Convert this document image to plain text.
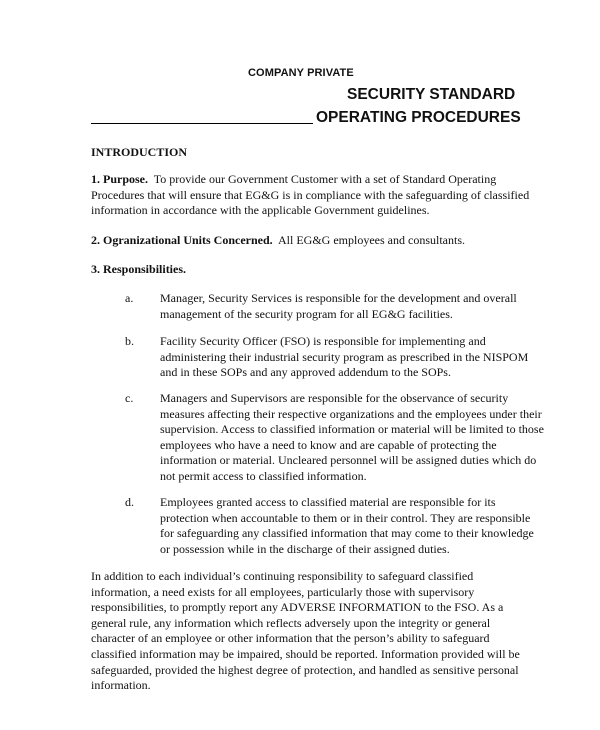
COMPANY PRIVATE
SECURITY STANDARD
OPERATING PROCEDURES
INTRODUCTION
1. Purpose. To provide our Government Customer with a set of Standard Operating Procedures that will ensure that EG&G is in compliance with the safeguarding of classified information in accordance with the applicable Government guidelines.
2. Ogranizational Units Concerned. All EG&G employees and consultants.
3. Responsibilities.
a. Manager, Security Services is responsible for the development and overall management of the security program for all EG&G facilities.
b. Facility Security Officer (FSO) is responsible for implementing and administering their industrial security program as prescribed in the NISPOM and in these SOPs and any approved addendum to the SOPs.
c. Managers and Supervisors are responsible for the observance of security measures affecting their respective organizations and the employees under their supervision. Access to classified information or material will be limited to those employees who have a need to know and are capable of protecting the information or material. Uncleared personnel will be assigned duties which do not permit access to classified information.
d. Employees granted access to classified material are responsible for its protection when accountable to them or in their control. They are responsible for safeguarding any classified information that may come to their knowledge or possession while in the discharge of their assigned duties.
In addition to each individual’s continuing responsibility to safeguard classified information, a need exists for all employees, particularly those with supervisory responsibilities, to promptly report any ADVERSE INFORMATION to the FSO. As a general rule, any information which reflects adversely upon the integrity or general character of an employee or other information that the person’s ability to safeguard classified information may be impaired, should be reported. Information provided will be safeguarded, provided the highest degree of protection, and handled as sensitive personal information.
